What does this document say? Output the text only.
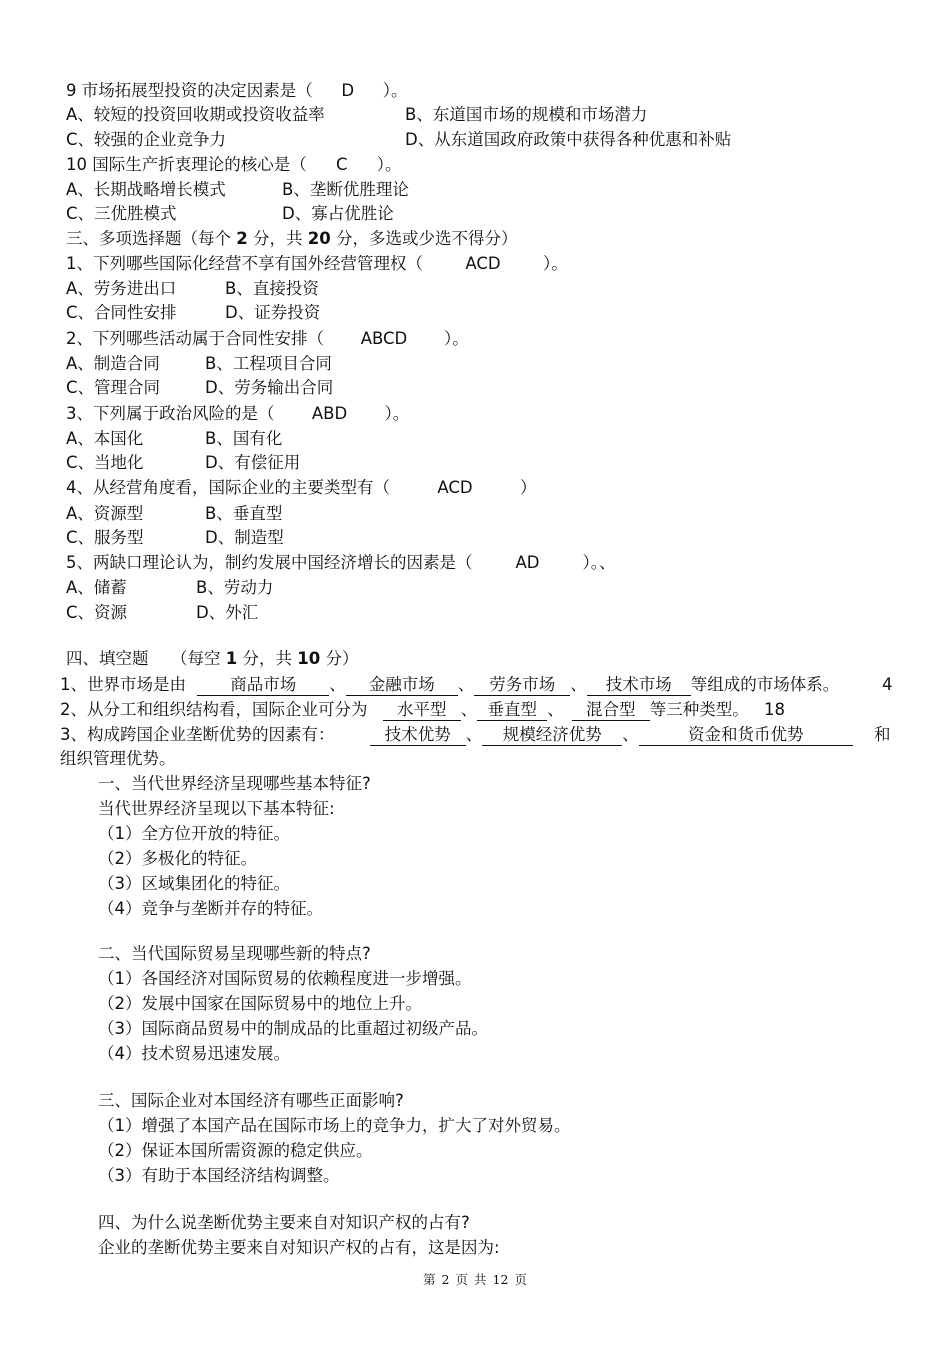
9 市场拓展型投资的决定因素是（ D ）。
A、较短的投资回收期或投资收益率	B、东道国市场的规模和市场潜力
C、较强的企业竞争力	D、从东道国政府政策中获得各种优惠和补贴
10 国际生产折衷理论的核心是（ C ）。
A、长期战略增长模式	B、垄断优胜理论
C、三优胜模式	D、寡占优胜论
三、多项选择题（每个 2 分，共 20 分，多选或少选不得分）
1、下列哪些国际化经营不享有国外经营管理权（	ACD	）。
A、劳务进出口	B、直接投资
C、合同性安排	D、证券投资
2、下列哪些活动属于合同性安排（ ABCD ）。
A、制造合同	B、工程项目合同
C、管理合同	D、劳务输出合同
3、下列属于政治风险的是（ ABD ）。
A、本国化	B、国有化
C、当地化	D、有偿征用
4、从经营角度看，国际企业的主要类型有（	ACD	）
A、资源型	B、垂直型
C、服务型	D、制造型
5、两缺口理论认为，制约发展中国经济增长的因素是（	AD	）。、
A、储蓄	B、劳动力
C、资源	D、外汇
四、填空题 （每空 1 分，共 10 分）
1、世界市场是由	商品市场 、 金融市场 、 劳务市场 、 技术市场 等组成的市场体系。	4
2、从分工和组织结构看，国际企业可分为 水平型 、 垂直型 、 混合型 等三种类型。 18
3、构成跨国企业垄断优势的因素有：	技术优势 、 规模经济优势 、	资金和货币优势	和
组织管理优势。
一、当代世界经济呈现哪些基本特征?
当代世界经济呈现以下基本特征:
（1）全方位开放的特征。
（2）多极化的特征。
（3）区域集团化的特征。
（4）竞争与垄断并存的特征。
二、当代国际贸易呈现哪些新的特点?
（1）各国经济对国际贸易的依赖程度进一步增强。
（2）发展中国家在国际贸易中的地位上升。
（3）国际商品贸易中的制成品的比重超过初级产品。
（4）技术贸易迅速发展。
三、国际企业对本国经济有哪些正面影响?
（1）增强了本国产品在国际市场上的竞争力，扩大了对外贸易。
（2）保证本国所需资源的稳定供应。
（3）有助于本国经济结构调整。
四、为什么说垄断优势主要来自对知识产权的占有?
企业的垄断优势主要来自对知识产权的占有，这是因为:
第 2 页 共 12 页
